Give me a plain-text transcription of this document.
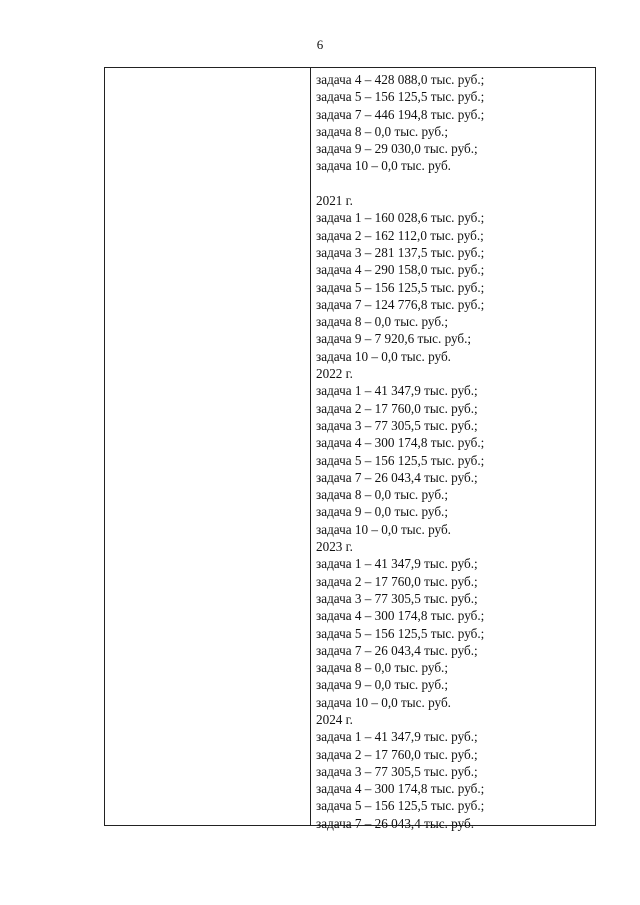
6
задача 4 – 428 088,0 тыс. руб.;
задача 5 – 156 125,5 тыс. руб.;
задача 7 – 446 194,8 тыс. руб.;
задача 8 – 0,0 тыс. руб.;
задача 9 – 29 030,0 тыс. руб.;
задача 10 – 0,0 тыс. руб.
2021 г.
задача 1 – 160 028,6 тыс. руб.;
задача 2 – 162 112,0 тыс. руб.;
задача 3 – 281 137,5 тыс. руб.;
задача 4 – 290 158,0 тыс. руб.;
задача 5 – 156 125,5 тыс. руб.;
задача 7 – 124 776,8 тыс. руб.;
задача 8 – 0,0 тыс. руб.;
задача 9 – 7 920,6 тыс. руб.;
задача 10 – 0,0 тыс. руб.
2022 г.
задача 1 – 41 347,9 тыс. руб.;
задача 2 – 17 760,0 тыс. руб.;
задача 3 – 77 305,5 тыс. руб.;
задача 4 – 300 174,8 тыс. руб.;
задача 5 – 156 125,5 тыс. руб.;
задача 7 – 26 043,4 тыс. руб.;
задача 8 – 0,0 тыс. руб.;
задача 9 – 0,0 тыс. руб.;
задача 10 – 0,0 тыс. руб.
2023 г.
задача 1 – 41 347,9 тыс. руб.;
задача 2 – 17 760,0 тыс. руб.;
задача 3 – 77 305,5 тыс. руб.;
задача 4 – 300 174,8 тыс. руб.;
задача 5 – 156 125,5 тыс. руб.;
задача 7 – 26 043,4 тыс. руб.;
задача 8 – 0,0 тыс. руб.;
задача 9 – 0,0 тыс. руб.;
задача 10 – 0,0 тыс. руб.
2024 г.
задача 1 – 41 347,9 тыс. руб.;
задача 2 – 17 760,0 тыс. руб.;
задача 3 – 77 305,5 тыс. руб.;
задача 4 – 300 174,8 тыс. руб.;
задача 5 – 156 125,5 тыс. руб.;
задача 7 – 26 043,4 тыс. руб.
